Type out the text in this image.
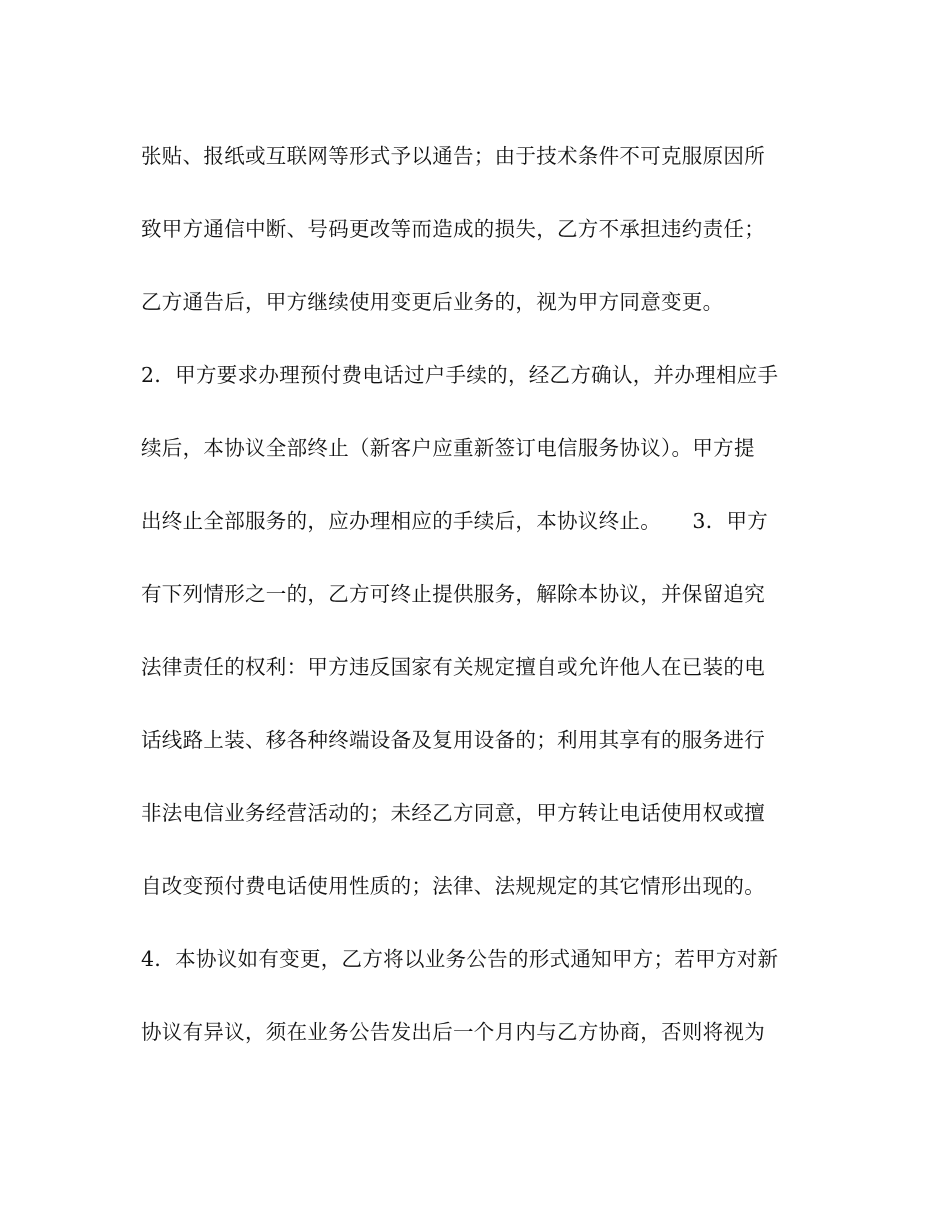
张贴、报纸或互联网等形式予以通告；由于技术条件不可克服原因所
致甲方通信中断、号码更改等而造成的损失，乙方不承担违约责任；
乙方通告后，甲方继续使用变更后业务的，视为甲方同意变更。
2．甲方要求办理预付费电话过户手续的，经乙方确认，并办理相应手
续后，本协议全部终止（新客户应重新签订电信服务协议）。甲方提
出终止全部服务的，应办理相应的手续后，本协议终止。　　3．甲方
有下列情形之一的，乙方可终止提供服务，解除本协议，并保留追究
法律责任的权利：甲方违反国家有关规定擅自或允许他人在已装的电
话线路上装、移各种终端设备及复用设备的；利用其享有的服务进行
非法电信业务经营活动的；未经乙方同意，甲方转让电话使用权或擅
自改变预付费电话使用性质的；法律、法规规定的其它情形出现的。
4．本协议如有变更，乙方将以业务公告的形式通知甲方；若甲方对新
协议有异议，须在业务公告发出后一个月内与乙方协商，否则将视为
